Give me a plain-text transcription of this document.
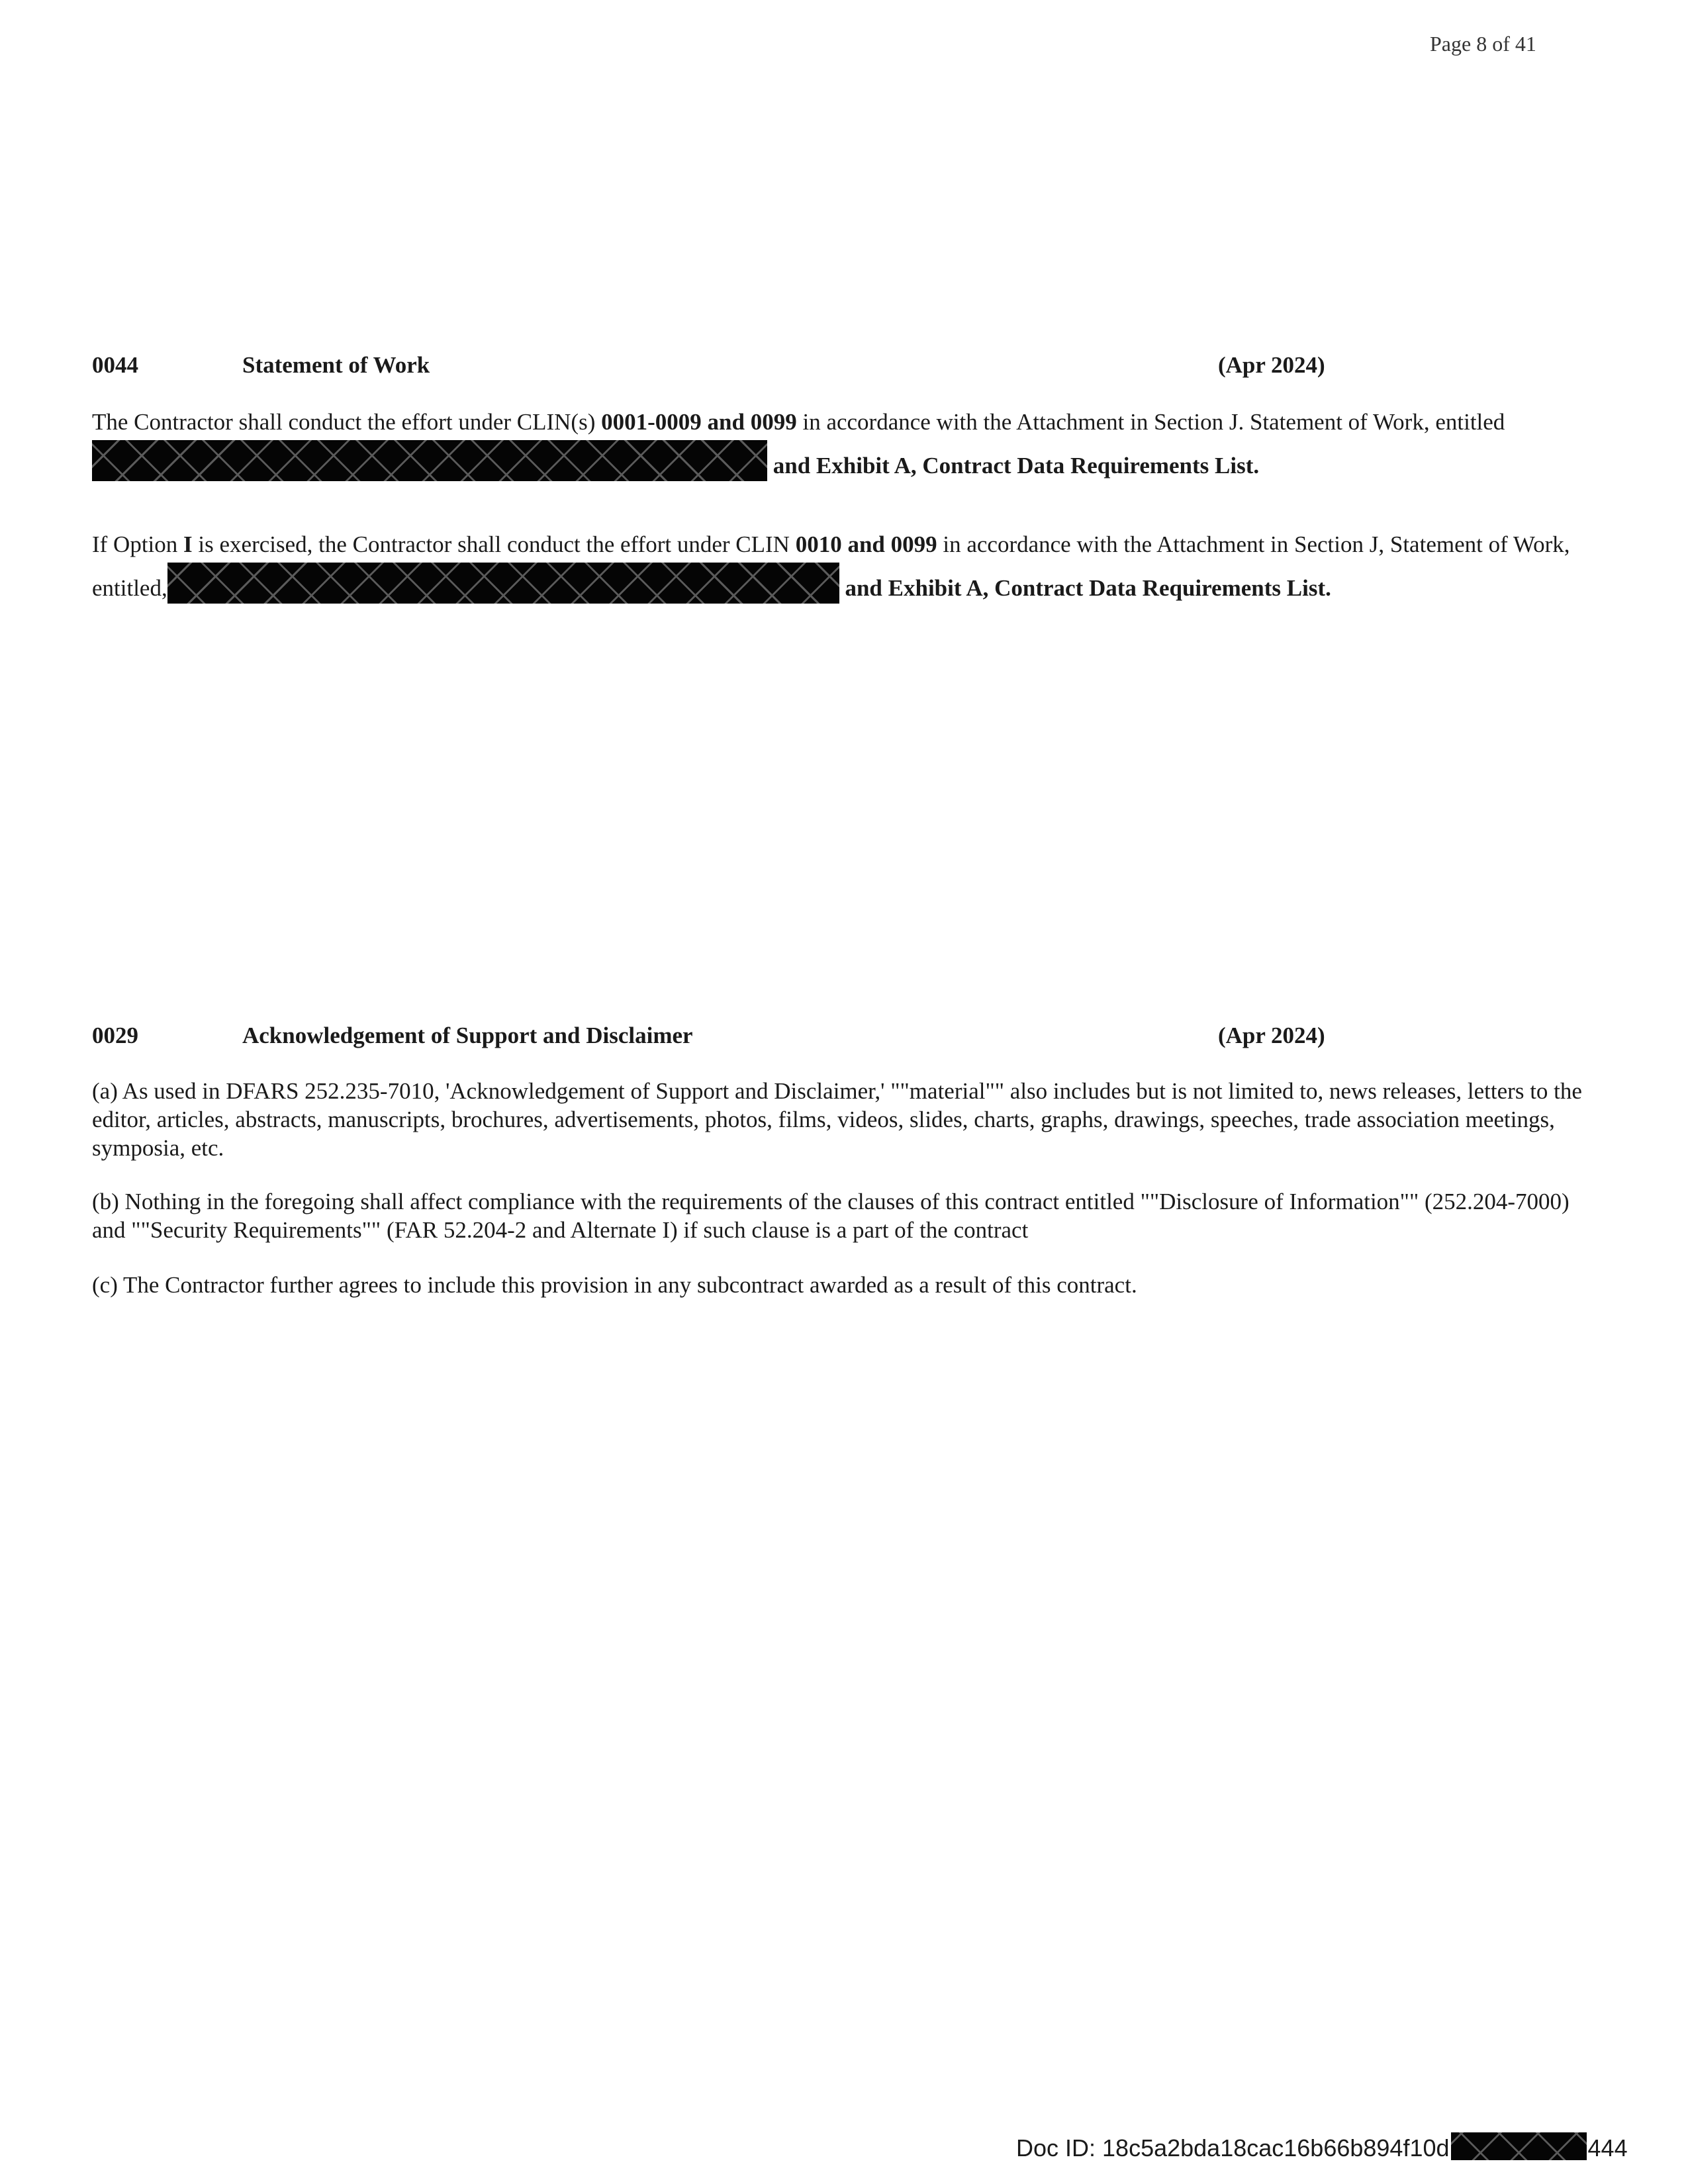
Page 8 of 41
0044	Statement of Work	(Apr 2024)
The Contractor shall conduct the effort under CLIN(s) 0001-0009 and 0099 in accordance with the Attachment in Section J. Statement of Work, entitled  and Exhibit A, Contract Data Requirements List.
If Option I is exercised, the Contractor shall conduct the effort under CLIN 0010 and 0099 in accordance with the Attachment in Section J, Statement of Work, entitled,	and Exhibit A, Contract Data Requirements List.
0029	Acknowledgement of Support and Disclaimer	(Apr 2024)
(a) As used in DFARS 252.235-7010, 'Acknowledgement of Support and Disclaimer,' ""material"" also includes but is not limited to, news releases, letters to the editor, articles, abstracts, manuscripts, brochures, advertisements, photos, films, videos, slides, charts, graphs, drawings, speeches, trade association meetings, symposia, etc.
(b) Nothing in the foregoing shall affect compliance with the requirements of the clauses of this contract entitled ""Disclosure of Information"" (252.204-7000) and ""Security Requirements"" (FAR 52.204-2 and Alternate I) if such clause is a part of the contract
(c) The Contractor further agrees to include this provision in any subcontract awarded as a result of this contract.
Doc ID: 18c5a2bda18cac16b66b894f10d	444
